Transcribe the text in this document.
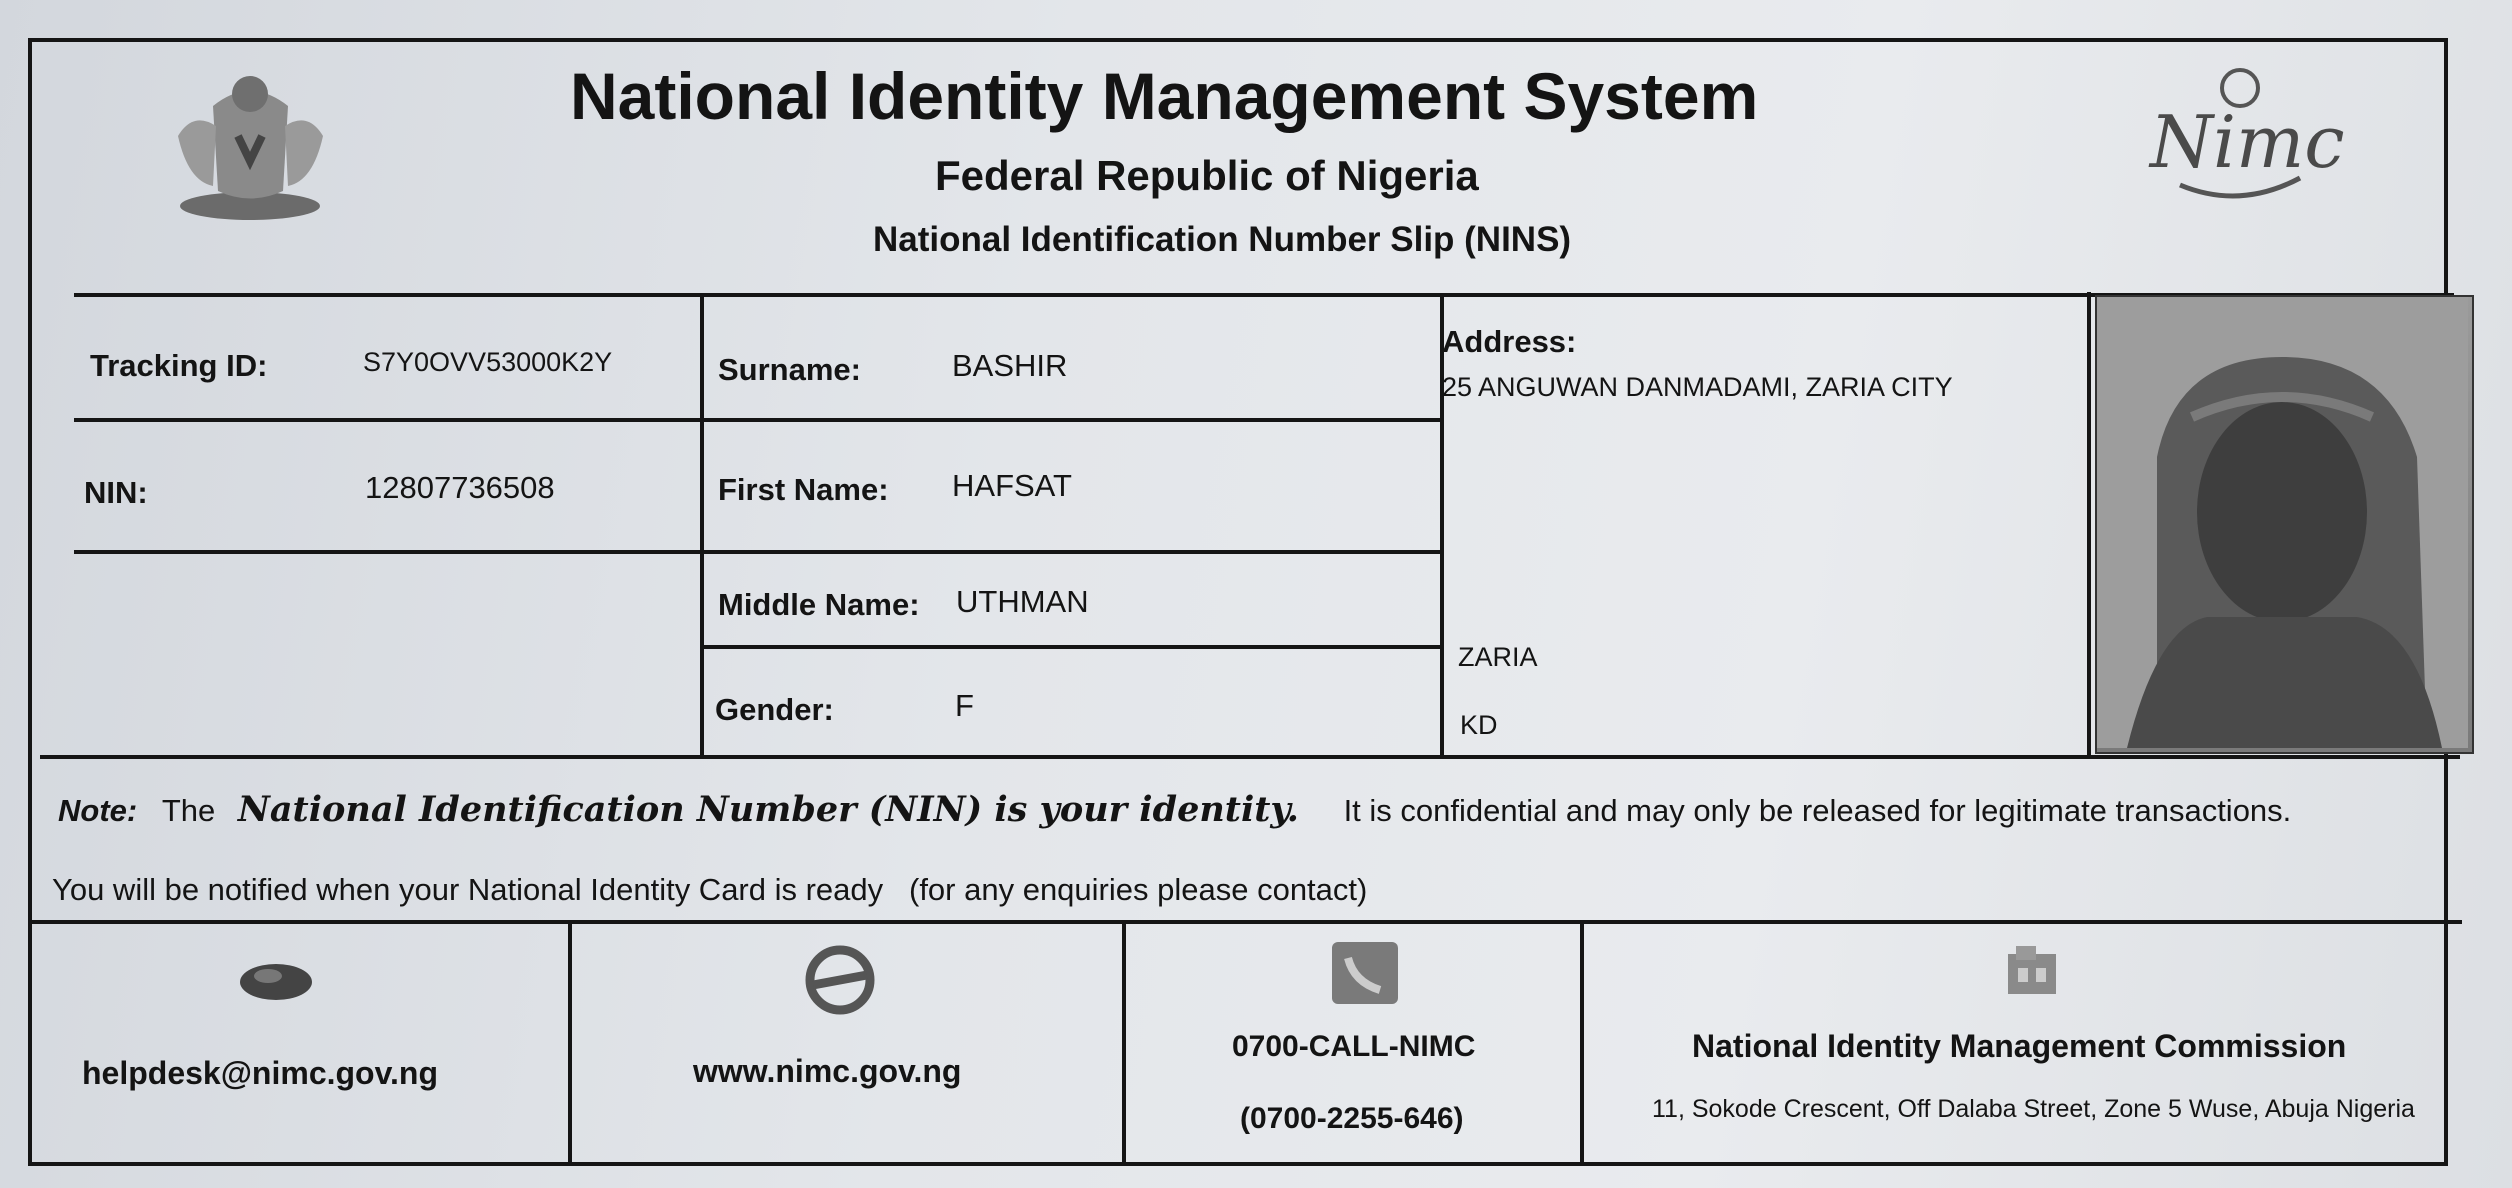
National Identity Management System
Federal Republic of Nigeria
National Identification Number Slip (NINS)
Nimc
Tracking ID:	S7Y0OVV53000K2Y
NIN:	12807736508
Surname:	BASHIR
First Name: HAFSAT
Middle Name: UTHMAN
Gender:	F
Address:
25 ANGUWAN DANMADAMI, ZARIA CITY
ZARIA
KD
Note: The National Identification Number (NIN) is your identity. It is confidential and may only be released for legitimate transactions.
You will be notified when your National Identity Card is ready   (for any enquiries please contact)
helpdesk@nimc.gov.ng	www.nimc.gov.ng
0700-CALL-NIMC
(0700-2255-646)
National Identity Management Commission
11, Sokode Crescent, Off Dalaba Street, Zone 5 Wuse, Abuja Nigeria
